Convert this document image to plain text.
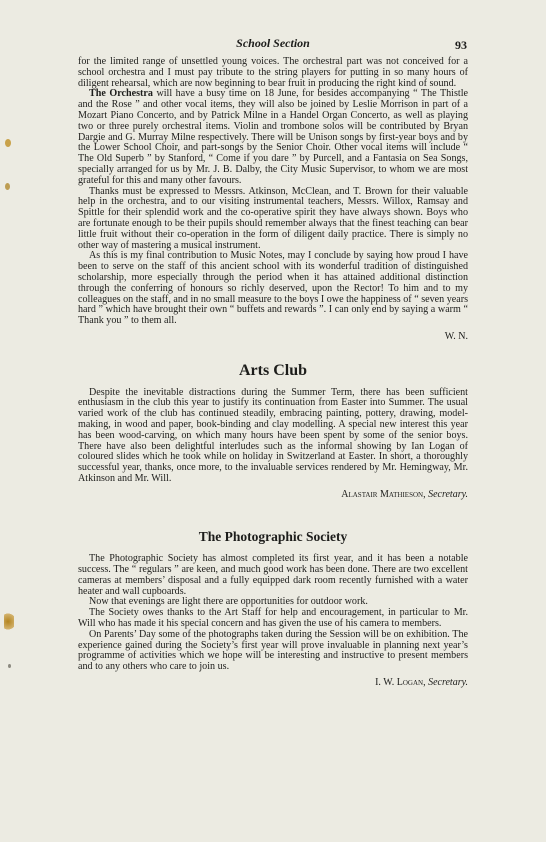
School Section	93

for the limited range of unsettled young voices. The orchestral part was not conceived for a school orchestra and I must pay tribute to the string players for putting in so many hours of diligent rehearsal, which are now beginning to bear fruit in producing the right kind of sound.

The Orchestra will have a busy time on 18 June, for besides accompanying “ The Thistle and the Rose ” and other vocal items, they will also be joined by Leslie Morrison in part of a Mozart Piano Concerto, and by Patrick Milne in a Handel Organ Concerto, as well as playing two or three purely orchestral items. Violin and trombone solos will be contributed by Bryan Dargie and G. Murray Milne respectively. There will be Unison songs by first-year boys and by the Lower School Choir, and part-songs by the Senior Choir. Other vocal items will include “ The Old Superb ” by Stanford, “ Come if you dare ” by Purcell, and a Fantasia on Sea Songs, specially arranged for us by Mr. J. B. Dalby, the City Music Supervisor, to whom we are most grateful for this and many other favours.

Thanks must be expressed to Messrs. Atkinson, McClean, and T. Brown for their valuable help in the orchestra, and to our visiting instrumental teachers, Messrs. Willox, Ramsay and Spittle for their splendid work and the co-operative spirit they have always shown. Boys who are fortunate enough to be their pupils should remember always that the finest teaching can bear little fruit without their co-operation in the form of diligent daily practice. There is simply no other way of mastering a musical instrument.

As this is my final contribution to Music Notes, may I conclude by saying how proud I have been to serve on the staff of this ancient school with its wonderful tradition of distinguished scholarship, more especially through the period when it has attained additional distinction through the conferring of honours so richly deserved, upon the Rector! To him and to my colleagues on the staff, and in no small measure to the boys I owe the happiness of “ seven years hard ” which have brought their own “ buffets and rewards ”. I can only end by saying a warm “ Thank you ” to them all.

W. N.

Arts Club

Despite the inevitable distractions during the Summer Term, there has been sufficient enthusiasm in the club this year to justify its continuation from Easter into Summer. The usual varied work of the club has continued steadily, embracing painting, pottery, drawing, model-making, in wood and paper, book-binding and clay modelling. A special new interest this year has been wood-carving, on which many hours have been spent by some of the senior boys. There have also been delightful interludes such as the informal showing by Ian Logan of coloured slides which he took while on holiday in Switzerland at Easter. In short, a thoroughly successful year, thanks, once more, to the invaluable services rendered by Mr. Hemingway, Mr. Atkinson and Mr. Will.

Alastair Mathieson, Secretary.

The Photographic Society

The Photographic Society has almost completed its first year, and it has been a notable success. The “ regulars ” are keen, and much good work has been done. There are two excellent cameras at members’ disposal and a fully equipped dark room recently furnished with a water heater and wall cupboards.

Now that evenings are light there are opportunities for outdoor work.

The Society owes thanks to the Art Staff for help and encouragement, in particular to Mr. Will who has made it his special concern and has given the use of his camera to members.

On Parents’ Day some of the photographs taken during the Session will be on exhibition. The experience gained during the Society’s first year will prove invaluable in planning next year’s programme of activities which we hope will be interesting and instructive to present members and to any others who care to join us.

I. W. Logan, Secretary.
